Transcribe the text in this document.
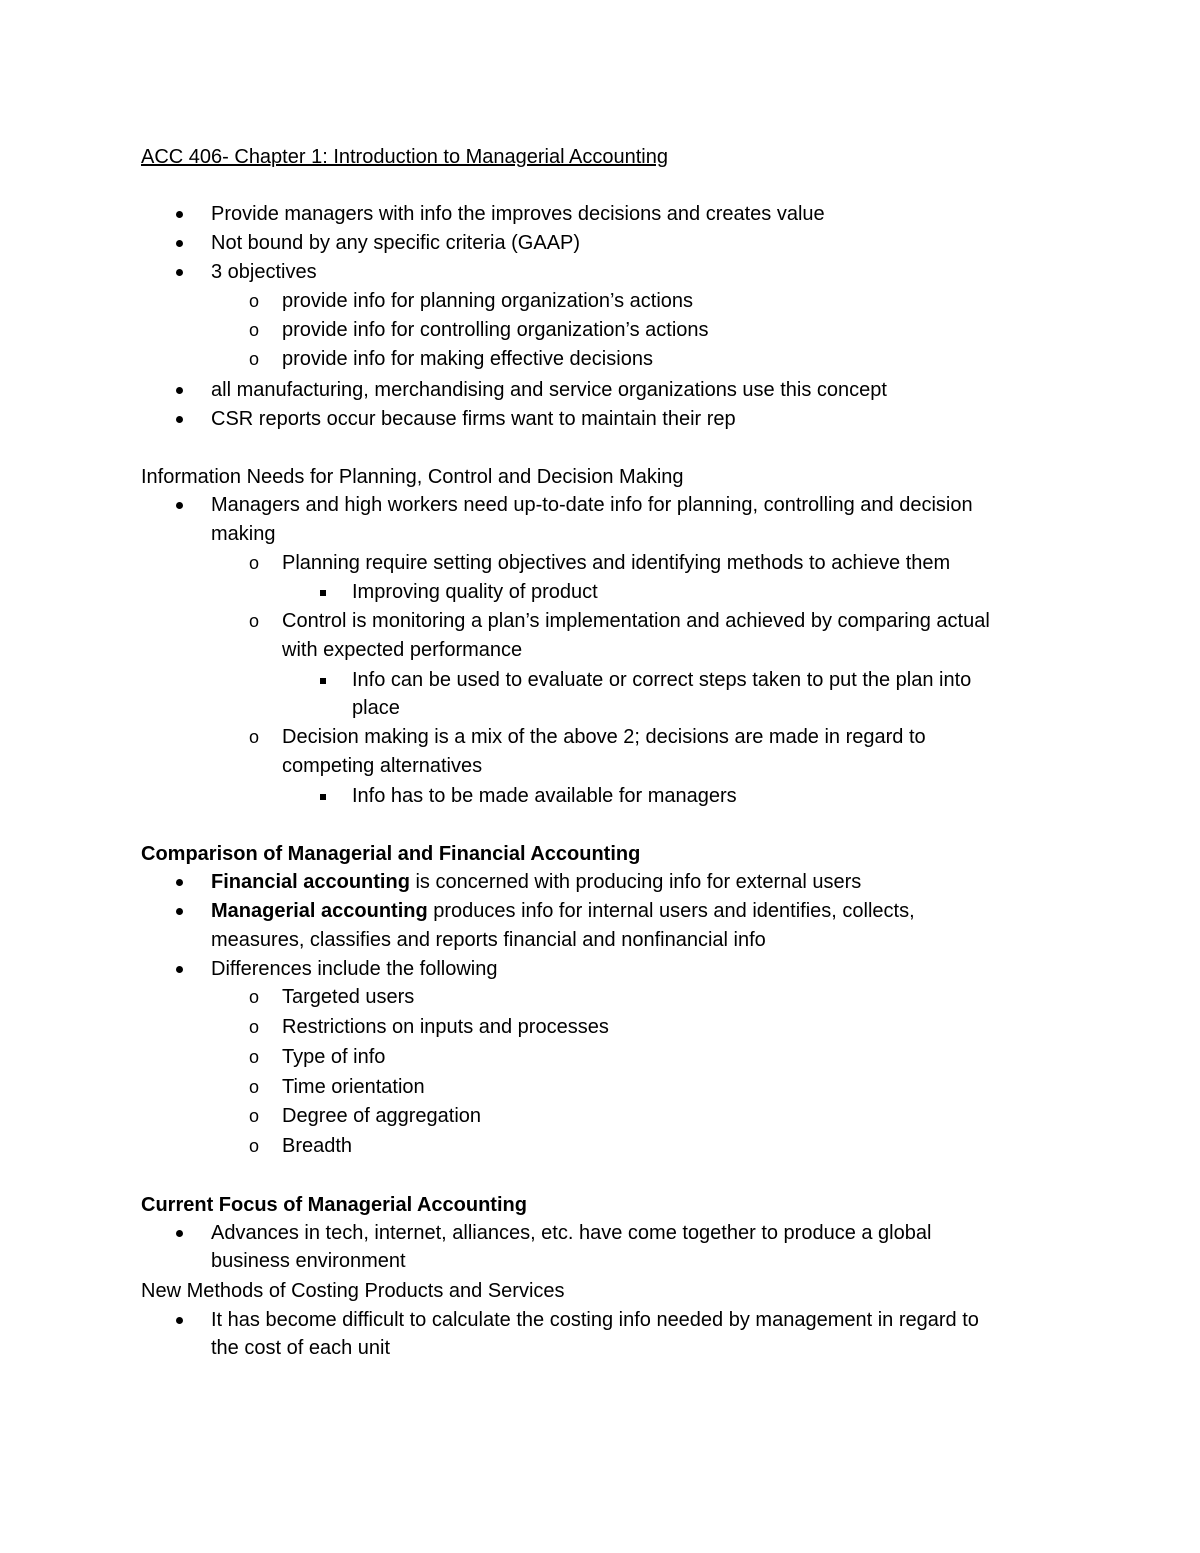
ACC 406- Chapter 1: Introduction to Managerial Accounting
Provide managers with info the improves decisions and creates value
Not bound by any specific criteria (GAAP)
3 objectives
o provide info for planning organization’s actions
o provide info for controlling organization’s actions
o provide info for making effective decisions
all manufacturing, merchandising and service organizations use this concept
CSR reports occur because firms want to maintain their rep
Information Needs for Planning, Control and Decision Making
Managers and high workers need up-to-date info for planning, controlling and decision
making
o Planning require setting objectives and identifying methods to achieve them
Improving quality of product
o Control is monitoring a plan’s implementation and achieved by comparing actual
with expected performance
Info can be used to evaluate or correct steps taken to put the plan into
place
o Decision making is a mix of the above 2; decisions are made in regard to
competing alternatives
Info has to be made available for managers
Comparison of Managerial and Financial Accounting
Financial accounting is concerned with producing info for external users
Managerial accounting produces info for internal users and identifies, collects,
measures, classifies and reports financial and nonfinancial info
Differences include the following
o Targeted users
o Restrictions on inputs and processes
o Type of info
o Time orientation
o Degree of aggregation
o Breadth
Current Focus of Managerial Accounting
Advances in tech, internet, alliances, etc. have come together to produce a global
business environment
New Methods of Costing Products and Services
It has become difficult to calculate the costing info needed by management in regard to
the cost of each unit
